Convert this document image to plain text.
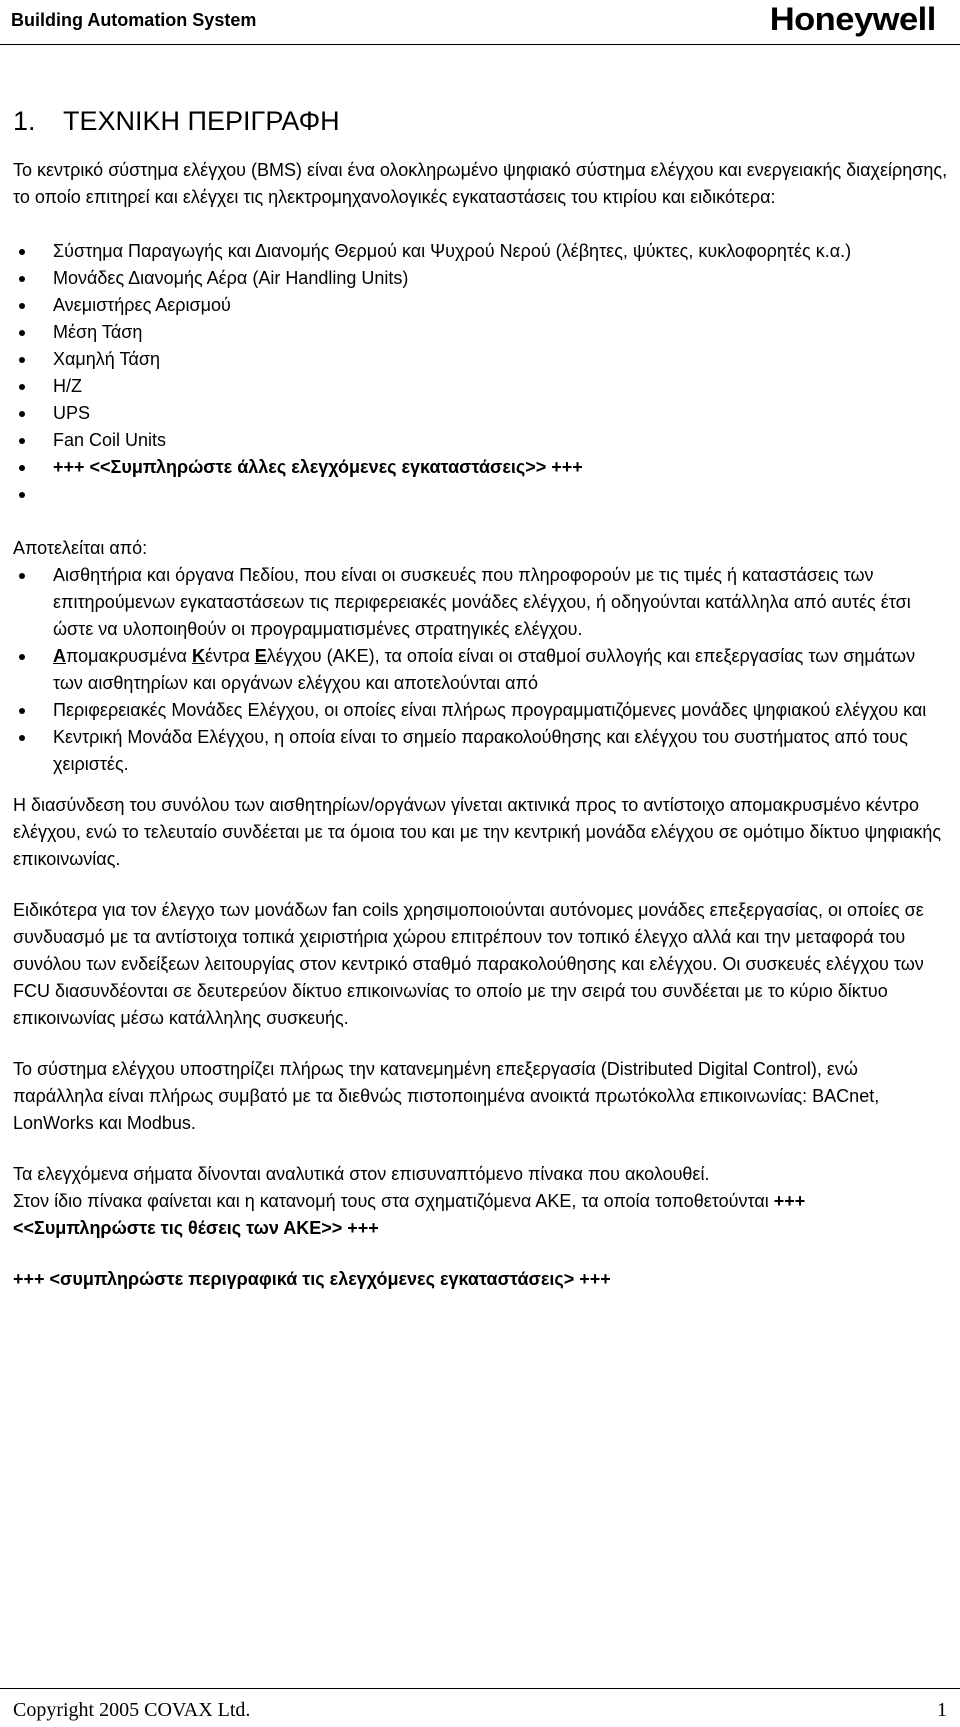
Building Automation System	Honeywell
1. ΤΕΧΝΙΚΗ ΠΕΡΙΓΡΑΦΗ

Το κεντρικό σύστημα ελέγχου (BMS) είναι ένα ολοκληρωμένο ψηφιακό σύστημα ελέγχου και ενεργειακής διαχείρησης, το οποίο επιτηρεί και ελέγχει τις ηλεκτρομηχανολογικές εγκαταστάσεις του κτιρίου και ειδικότερα:

Σύστημα Παραγωγής και Διανομής Θερμού και Ψυχρού Νερού (λέβητες, ψύκτες, κυκλοφορητές κ.α.)
Μονάδες Διανομής Αέρα (Air Handling Units)
Ανεμιστήρες Αερισμού
Μέση Τάση
Χαμηλή Τάση
Η/Ζ
UPS
Fan Coil Units
+++ <<Συμπληρώστε άλλες ελεγχόμενες εγκαταστάσεις>> +++

Αποτελείται από:

Αισθητήρια και όργανα Πεδίου, που είναι οι συσκευές που πληροφορούν με τις τιμές ή καταστάσεις των επιτηρούμενων εγκαταστάσεων τις περιφερειακές μονάδες ελέγχου, ή οδηγούνται κατάλληλα από αυτές έτσι ώστε να υλοποιηθούν οι προγραμματισμένες στρατηγικές ελέγχου.
Απομακρυσμένα Κέντρα Ελέγχου (ΑΚΕ), τα οποία είναι οι σταθμοί συλλογής και επεξεργασίας των σημάτων των αισθητηρίων και οργάνων ελέγχου και αποτελούνται από
Περιφερειακές Μονάδες Ελέγχου, οι οποίες είναι πλήρως προγραμματιζόμενες μονάδες ψηφιακού ελέγχου και
Κεντρική Μονάδα Ελέγχου, η οποία είναι το σημείο παρακολούθησης και ελέγχου του συστήματος από τους χειριστές.

Η διασύνδεση του συνόλου των αισθητηρίων/οργάνων γίνεται ακτινικά προς το αντίστοιχο απομακρυσμένο κέντρο ελέγχου, ενώ το τελευταίο συνδέεται με τα όμοια του και με την κεντρική μονάδα ελέγχου σε ομότιμο δίκτυο ψηφιακής επικοινωνίας.

Ειδικότερα για τον έλεγχο των μονάδων fan coils χρησιμοποιούνται αυτόνομες μονάδες επεξεργασίας, οι οποίες σε συνδυασμό με τα αντίστοιχα τοπικά χειριστήρια χώρου επιτρέπουν τον τοπικό έλεγχο αλλά και την μεταφορά του συνόλου των ενδείξεων λειτουργίας στον κεντρικό σταθμό παρακολούθησης και ελέγχου. Οι συσκευές ελέγχου των FCU διασυνδέονται σε δευτερεύον δίκτυο επικοινωνίας το οποίο με την σειρά του συνδέεται με το κύριο δίκτυο επικοινωνίας μέσω κατάλληλης συσκευής.

Το σύστημα ελέγχου υποστηρίζει πλήρως την κατανεμημένη επεξεργασία (Distributed Digital Control), ενώ παράλληλα είναι πλήρως συμβατό με τα διεθνώς πιστοποιημένα ανοικτά πρωτόκολλα επικοινωνίας: BACnet, LonWorks και Modbus.

Τα ελεγχόμενα σήματα δίνονται αναλυτικά στον επισυναπτόμενο πίνακα που ακολουθεί.
Στον ίδιο πίνακα φαίνεται και η κατανομή τους στα σχηματιζόμενα ΑΚΕ, τα οποία τοποθετούνται +++ <<Συμπληρώστε τις θέσεις των ΑΚΕ>> +++

+++ <συμπληρώστε περιγραφικά τις ελεγχόμενες εγκαταστάσεις> +++

Copyright 2005 COVAX Ltd.	1
